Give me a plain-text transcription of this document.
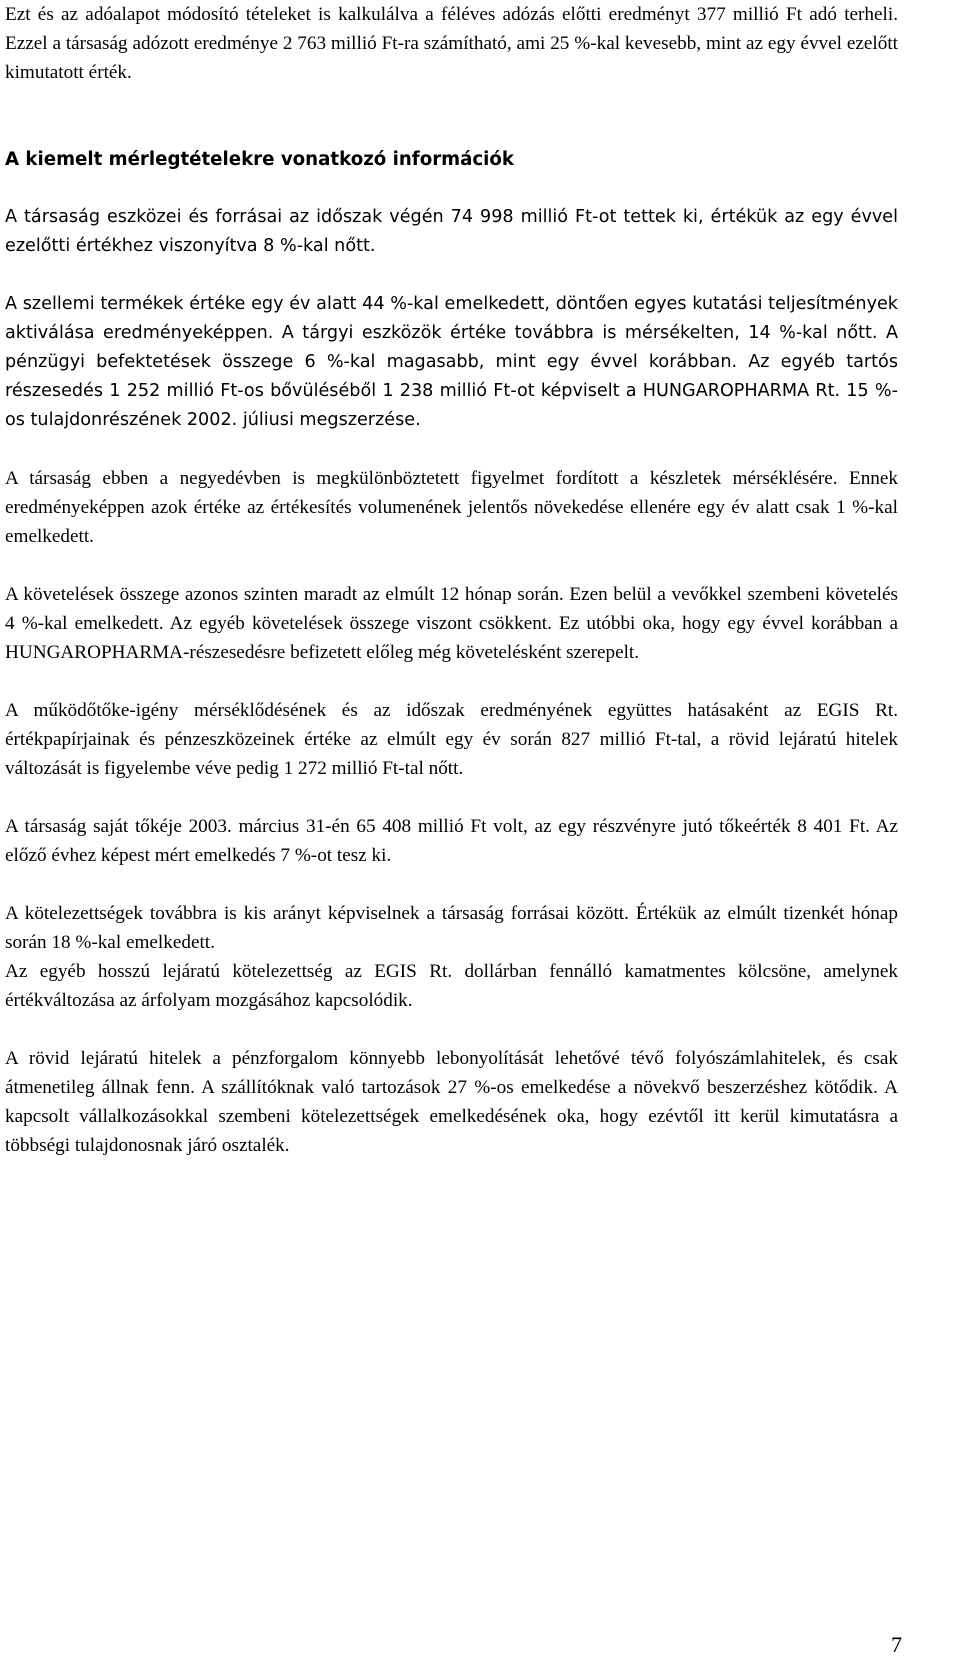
Ezt és az adóalapot módosító tételeket is kalkulálva a féléves adózás előtti eredményt 377 millió Ft adó terheli. Ezzel a társaság adózott eredménye 2 763 millió Ft-ra számítható, ami 25 %-kal kevesebb, mint az egy évvel ezelőtt kimutatott érték.

A kiemelt mérlegtételekre vonatkozó információk

A társaság eszközei és forrásai az időszak végén 74 998 millió Ft-ot tettek ki, értékük az egy évvel ezelőtti értékhez viszonyítva 8 %-kal nőtt.

A szellemi termékek értéke egy év alatt 44 %-kal emelkedett, döntően egyes kutatási teljesítmények aktiválása eredményeképpen. A tárgyi eszközök értéke továbbra is mérsékelten, 14 %-kal nőtt. A pénzügyi befektetések összege 6 %-kal magasabb, mint egy évvel korábban. Az egyéb tartós részesedés 1 252 millió Ft-os bővüléséből 1 238 millió Ft-ot képviselt a HUNGAROPHARMA Rt. 15 %-os tulajdonrészének 2002. júliusi megszerzése.

A társaság ebben a negyedévben is megkülönböztetett figyelmet fordított a készletek mérséklésére. Ennek eredményeképpen azok értéke az értékesítés volumenének jelentős növekedése ellenére egy év alatt csak 1 %-kal emelkedett.

A követelések összege azonos szinten maradt az elmúlt 12 hónap során. Ezen belül a vevőkkel szembeni követelés 4 %-kal emelkedett. Az egyéb követelések összege viszont csökkent. Ez utóbbi oka, hogy egy évvel korábban a HUNGAROPHARMA-részesedésre befizetett előleg még követelésként szerepelt.

A működőtőke-igény mérséklődésének és az időszak eredményének együttes hatásaként az EGIS Rt. értékpapírjainak és pénzeszközeinek értéke az elmúlt egy év során 827 millió Ft-tal, a rövid lejáratú hitelek változását is figyelembe véve pedig 1 272 millió Ft-tal nőtt.

A társaság saját tőkéje 2003. március 31-én 65 408 millió Ft volt, az egy részvényre jutó tőkeérték 8 401 Ft. Az előző évhez képest mért emelkedés 7 %-ot tesz ki.

A kötelezettségek továbbra is kis arányt képviselnek a társaság forrásai között. Értékük az elmúlt tizenkét hónap során 18 %-kal emelkedett.

Az egyéb hosszú lejáratú kötelezettség az EGIS Rt. dollárban fennálló kamatmentes kölcsöne, amelynek értékváltozása az árfolyam mozgásához kapcsolódik.

A rövid lejáratú hitelek a pénzforgalom könnyebb lebonyolítását lehetővé tévő folyószámlahitelek, és csak átmenetileg állnak fenn. A szállítóknak való tartozások 27 %-os emelkedése a növekvő beszerzéshez kötődik. A kapcsolt vállalkozásokkal szembeni kötelezettségek emelkedésének oka, hogy ezévtől itt kerül kimutatásra a többségi tulajdonosnak járó osztalék.

7
